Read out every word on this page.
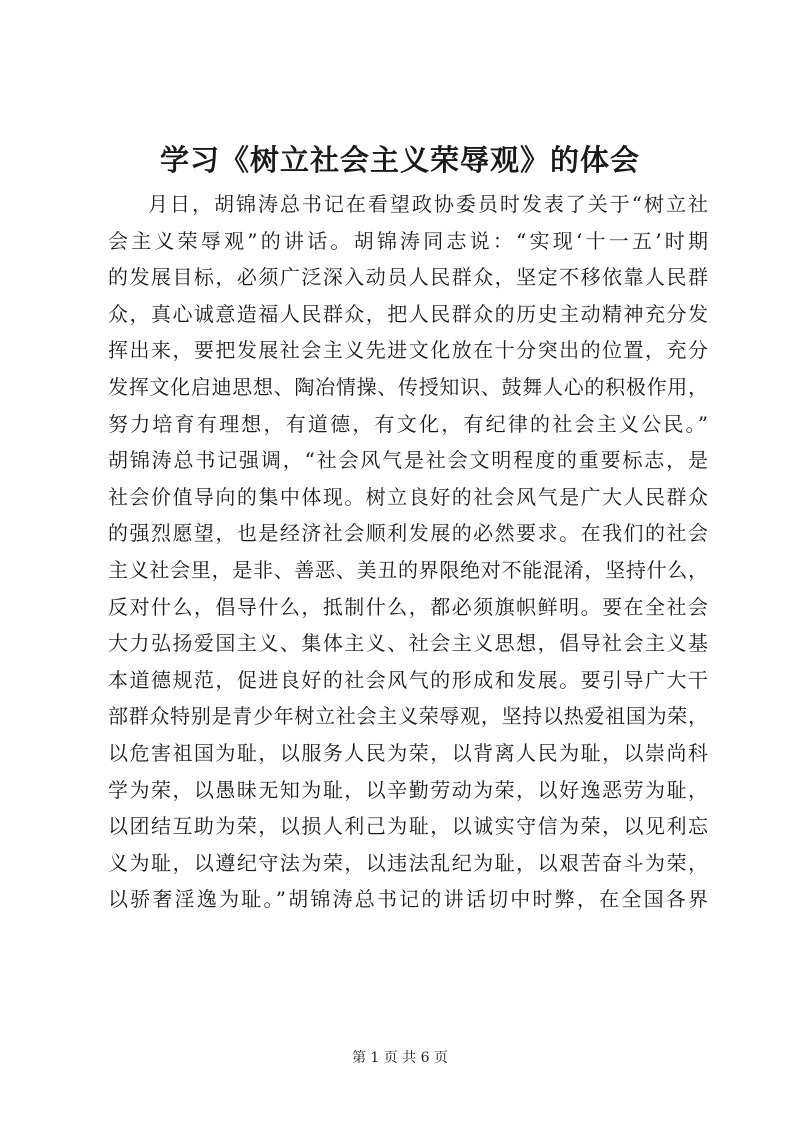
学习《树立社会主义荣辱观》的体会
月日，胡锦涛总书记在看望政协委员时发表了关于“树立社
会主义荣辱观”的讲话。胡锦涛同志说：“实现‘十一五’时期
的发展目标，必须广泛深入动员人民群众，坚定不移依靠人民群
众，真心诚意造福人民群众，把人民群众的历史主动精神充分发
挥出来，要把发展社会主义先进文化放在十分突出的位置，充分
发挥文化启迪思想、陶冶情操、传授知识、鼓舞人心的积极作用，
努力培育有理想，有道德，有文化，有纪律的社会主义公民。”
胡锦涛总书记强调，“社会风气是社会文明程度的重要标志，是
社会价值导向的集中体现。树立良好的社会风气是广大人民群众
的强烈愿望，也是经济社会顺利发展的必然要求。在我们的社会
主义社会里，是非、善恶、美丑的界限绝对不能混淆，坚持什么，
反对什么，倡导什么，抵制什么，都必须旗帜鲜明。要在全社会
大力弘扬爱国主义、集体主义、社会主义思想，倡导社会主义基
本道德规范，促进良好的社会风气的形成和发展。要引导广大干
部群众特别是青少年树立社会主义荣辱观，坚持以热爱祖国为荣，
以危害祖国为耻，以服务人民为荣，以背离人民为耻，以崇尚科
学为荣，以愚昧无知为耻，以辛勤劳动为荣，以好逸恶劳为耻，
以团结互助为荣，以损人利己为耻，以诚实守信为荣，以见利忘
义为耻，以遵纪守法为荣，以违法乱纪为耻，以艰苦奋斗为荣，
以骄奢淫逸为耻。”胡锦涛总书记的讲话切中时弊，在全国各界
第 1 页 共 6 页
